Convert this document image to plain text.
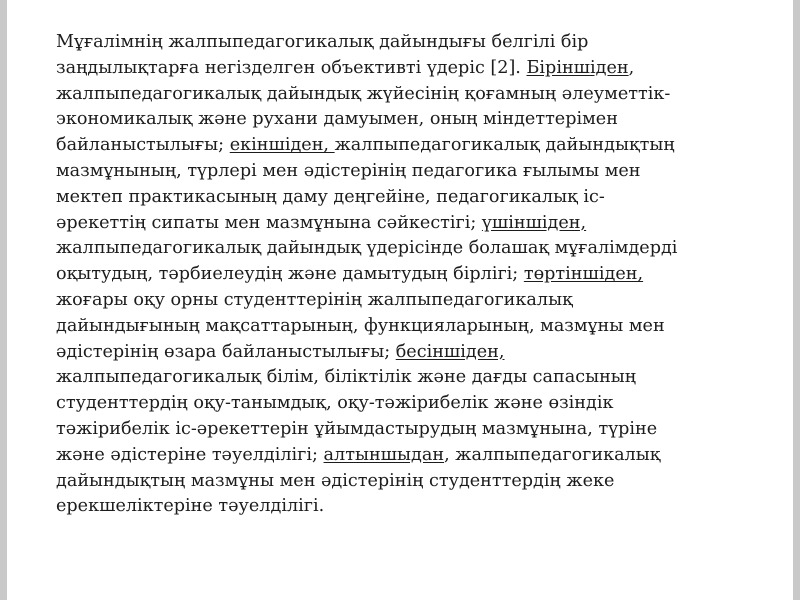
Мұғалімнің жалпыпедагогикалық дайындығы белгілі бір
заңдылықтарға негізделген объективті үдеріс [2]. Біріншіден,
жалпыпедагогикалық дайындық жүйесінің қоғамның әлеуметтік-
экономикалық және рухани дамуымен, оның міндеттерімен
байланыстылығы; екіншіден, жалпыпедагогикалық дайындықтың
мазмұнының, түрлері мен әдістерінің педагогика ғылымы мен
мектеп практикасының даму деңгейіне, педагогикалық іс-
әрекеттің сипаты мен мазмұнына сәйкестігі; үшіншіден,
жалпыпедагогикалық дайындық үдерісінде болашақ мұғалімдерді
оқытудың, тәрбиелеудің және дамытудың бірлігі; төртіншіден,
жоғары оқу орны студенттерінің жалпыпедагогикалық
дайындығының мақсаттарының, функцияларының, мазмұны мен
әдістерінің өзара байланыстылығы; бесіншіден,
жалпыпедагогикалық білім, біліктілік және дағды сапасының
студенттердің оқу-танымдық, оқу-тәжірибелік және өзіндік
тәжірибелік іс-әрекеттерін ұйымдастырудың мазмұнына, түріне
және әдістеріне тәуелділігі; алтыншыдан, жалпыпедагогикалық
дайындықтың мазмұны мен әдістерінің студенттердің жеке
ерекшеліктеріне тәуелділігі.
